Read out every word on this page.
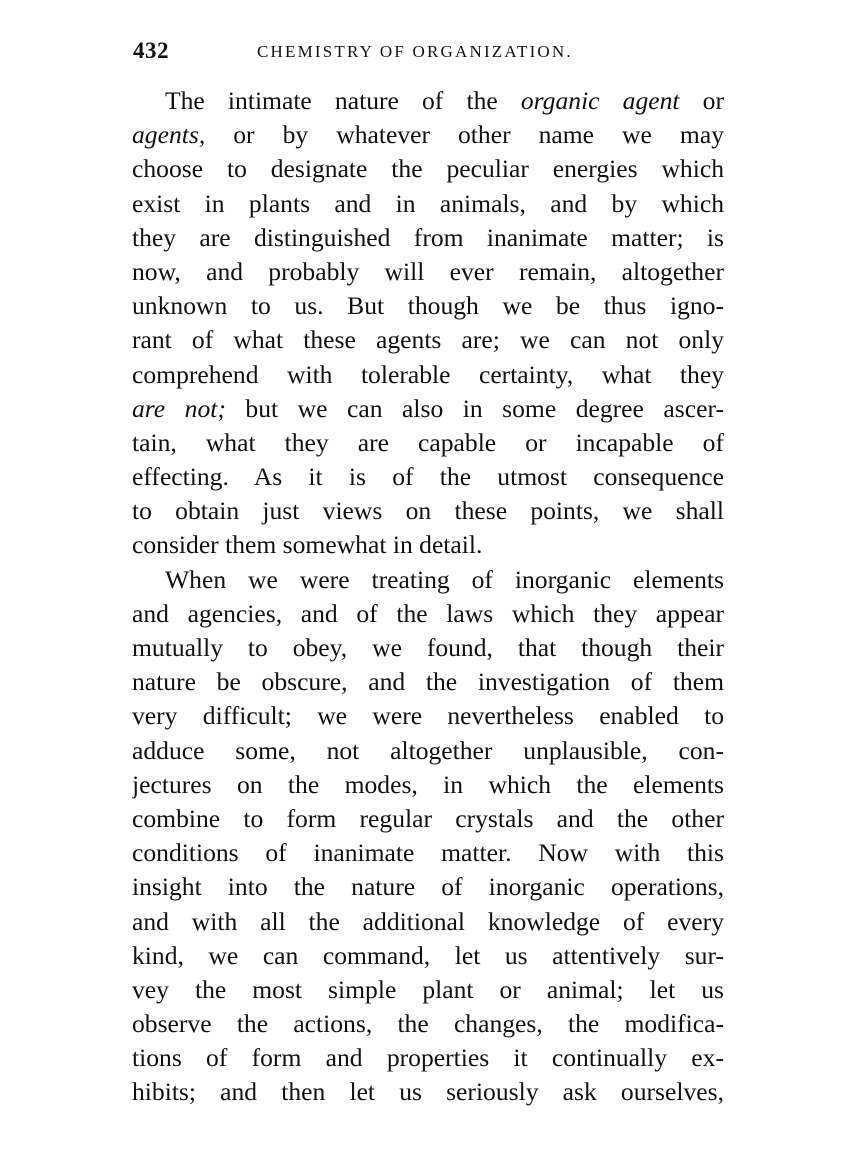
432	CHEMISTRY OF ORGANIZATION.
The intimate nature of the organic agent or
agents, or by whatever other name we may
choose to designate the peculiar energies which
exist in plants and in animals, and by which
they are distinguished from inanimate matter; is
now, and probably will ever remain, altogether
unknown to us. But though we be thus igno-
rant of what these agents are; we can not only
comprehend with tolerable certainty, what they
are not; but we can also in some degree ascer-
tain, what they are capable or incapable of
effecting. As it is of the utmost consequence
to obtain just views on these points, we shall
consider them somewhat in detail.
When we were treating of inorganic elements
and agencies, and of the laws which they appear
mutually to obey, we found, that though their
nature be obscure, and the investigation of them
very difficult; we were nevertheless enabled to
adduce some, not altogether unplausible, con-
jectures on the modes, in which the elements
combine to form regular crystals and the other
conditions of inanimate matter. Now with this
insight into the nature of inorganic operations,
and with all the additional knowledge of every
kind, we can command, let us attentively sur-
vey the most simple plant or animal; let us
observe the actions, the changes, the modifica-
tions of form and properties it continually ex-
hibits; and then let us seriously ask ourselves,
